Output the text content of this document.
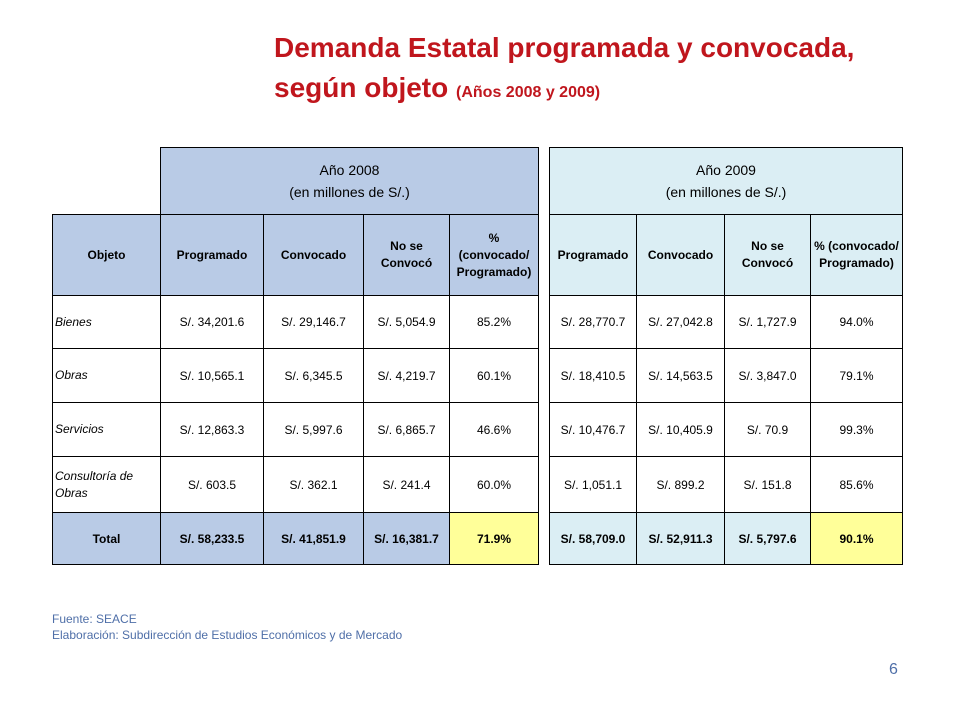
Demanda Estatal programada y convocada,
según objeto (Años 2008 y 2009)

	Año 2008
(en millones de S/.)			

Objeto	Programado	Convocado	No se Convocó	% (convocado/ Programado)
Bienes	S/. 34,201.6	S/. 29,146.7	S/. 5,054.9	85.2%
Obras	S/. 10,565.1	S/. 6,345.5	S/. 4,219.7	60.1%
Servicios	S/. 12,863.3	S/. 5,997.6	S/. 6,865.7	46.6%
Consultoría de Obras	S/. 603.5	S/. 362.1	S/. 241.4	60.0%
Total	S/. 58,233.5	S/. 41,851.9	S/. 16,381.7	71.9%
Año 2009
(en millones de S/.)			

Programado	Convocado	No se Convocó	% (convocado/ Programado)
S/. 28,770.7	S/. 27,042.8	S/. 1,727.9	94.0%
S/. 18,410.5	S/. 14,563.5	S/. 3,847.0	79.1%
S/. 10,476.7	S/. 10,405.9	S/. 70.9	99.3%
S/. 1,051.1	S/. 899.2	S/. 151.8	85.6%
S/. 58,709.0	S/. 52,911.3	S/. 5,797.6	90.1%
Fuente: SEACE
Elaboración: Subdirección de Estudios Económicos y de Mercado
6
